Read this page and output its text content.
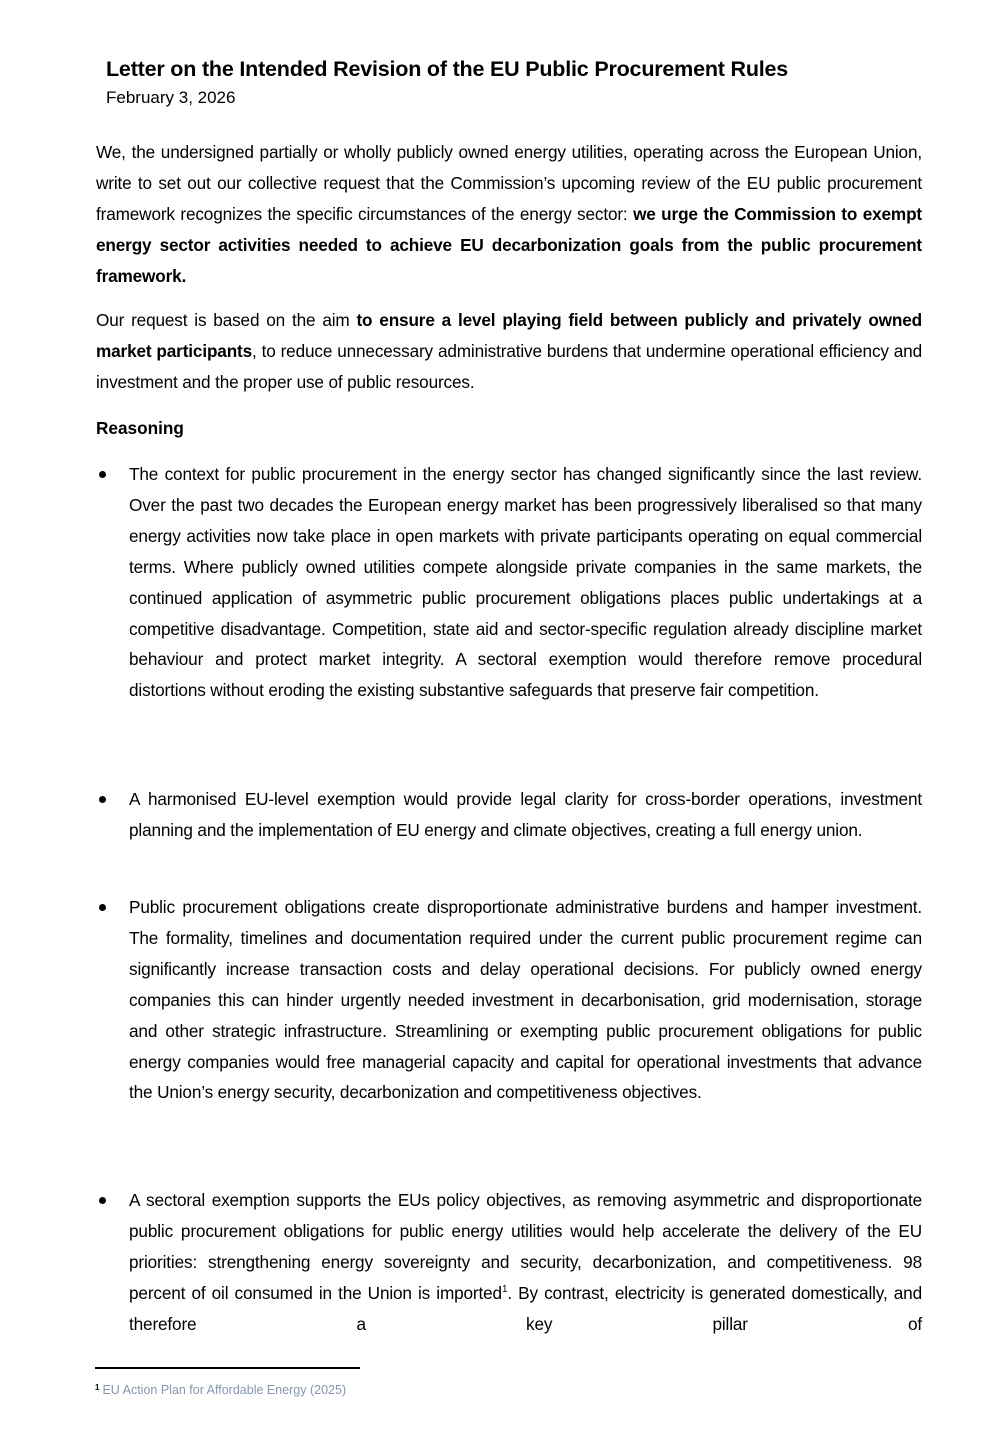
Letter on the Intended Revision of the EU Public Procurement Rules
February 3, 2026

We, the undersigned partially or wholly publicly owned energy utilities, operating across the European Union, write to set out our collective request that the Commission’s upcoming review of the EU public procurement framework recognizes the specific circumstances of the energy sector: we urge the Commission to exempt energy sector activities needed to achieve EU decarbonization goals from the public procurement framework.

Our request is based on the aim to ensure a level playing field between publicly and privately owned market participants, to reduce unnecessary administrative burdens that undermine operational efficiency and investment and the proper use of public resources.

Reasoning

The context for public procurement in the energy sector has changed significantly since the last review. Over the past two decades the European energy market has been progressively liberalised so that many energy activities now take place in open markets with private participants operating on equal commercial terms. Where publicly owned utilities compete alongside private companies in the same markets, the continued application of asymmetric public procurement obligations places public undertakings at a competitive disadvantage. Competition, state aid and sector-specific regulation already discipline market behaviour and protect market integrity. A sectoral exemption would therefore remove procedural distortions without eroding the existing substantive safeguards that preserve fair competition.

A harmonised EU-level exemption would provide legal clarity for cross-border operations, investment planning and the implementation of EU energy and climate objectives, creating a full energy union.

Public procurement obligations create disproportionate administrative burdens and hamper investment. The formality, timelines and documentation required under the current public procurement regime can significantly increase transaction costs and delay operational decisions. For publicly owned energy companies this can hinder urgently needed investment in decarbonisation, grid modernisation, storage and other strategic infrastructure. Streamlining or exempting public procurement obligations for public energy companies would free managerial capacity and capital for operational investments that advance the Union’s energy security, decarbonization and competitiveness objectives.

A sectoral exemption supports the EUs policy objectives, as removing asymmetric and disproportionate public procurement obligations for public energy utilities would help accelerate the delivery of the EU priorities: strengthening energy sovereignty and security, decarbonization, and competitiveness. 98 percent of oil consumed in the Union is imported$^1$. By contrast, electricity is generated domestically, and therefore a key pillar of

$^1$ EU Action Plan for Affordable Energy (2025)
